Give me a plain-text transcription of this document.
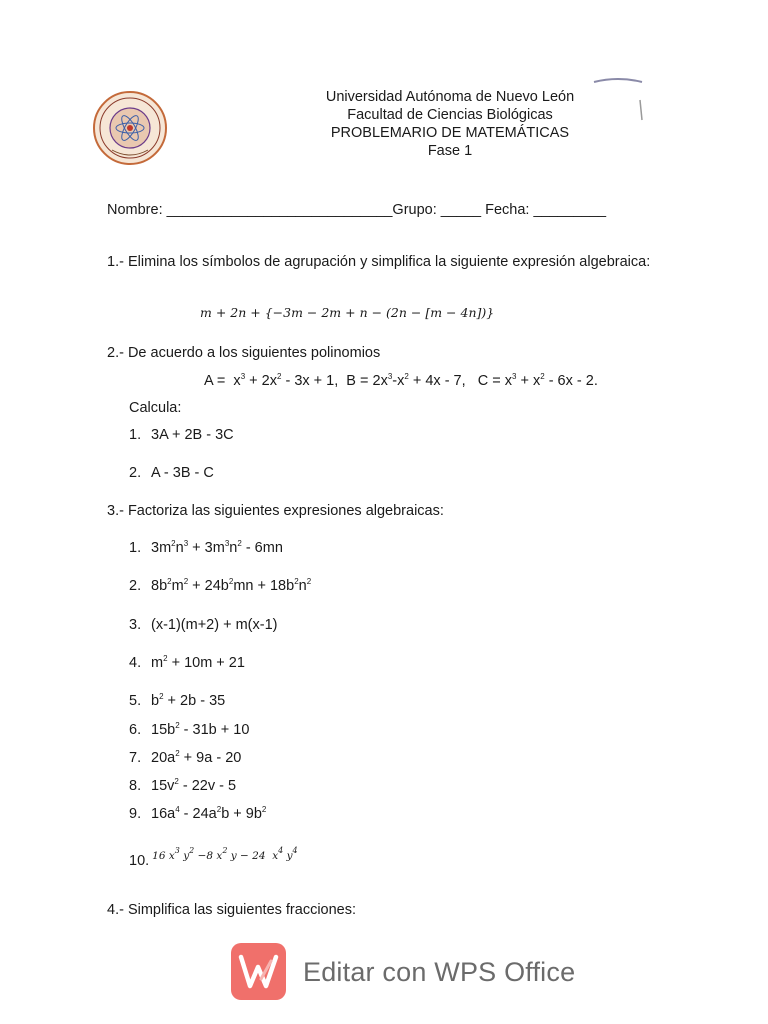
Universidad Autónoma de Nuevo León
Facultad de Ciencias Biológicas
PROBLEMARIO DE MATEMÁTICAS
Fase 1
Nombre: ____________________________Grupo: _____ Fecha: _________
1.- Elimina los símbolos de agrupación y simplifica la siguiente expresión algebraica:
m + 2n + {−3m − 2m + n − (2n − [m − 4n])}
2.- De acuerdo a los siguientes polinomios
$A = x^3 + 2x^2 - 3x + 1$,  $B = 2x^3-x^2 + 4x - 7$,   $C = x^3 + x^2 - 6x - 2$.
Calcula:
1. 3A + 2B - 3C
2. A - 3B - C
3.- Factoriza las siguientes expresiones algebraicas:
1. $3m^2n^3 + 3m^3n^2 - 6mn$
2. $8b^2m^2 + 24b^2mn + 18b^2n^2$
3. (x-1)(m+2) + m(x-1)
4. $m^2 + 10m + 21$
5. $b^2 + 2b - 35$
6. $15b^2 - 31b + 10$
7. $20a^2 + 9a - 20$
8. $15v^2 - 22v - 5$
9. $16a^4 - 24a^2b + 9b^2$
10. $^{16 x^3 y^2 -8 x^2 y - 24 x^4 y^4}$
4.- Simplifica las siguientes fracciones:
Editar con WPS Office
